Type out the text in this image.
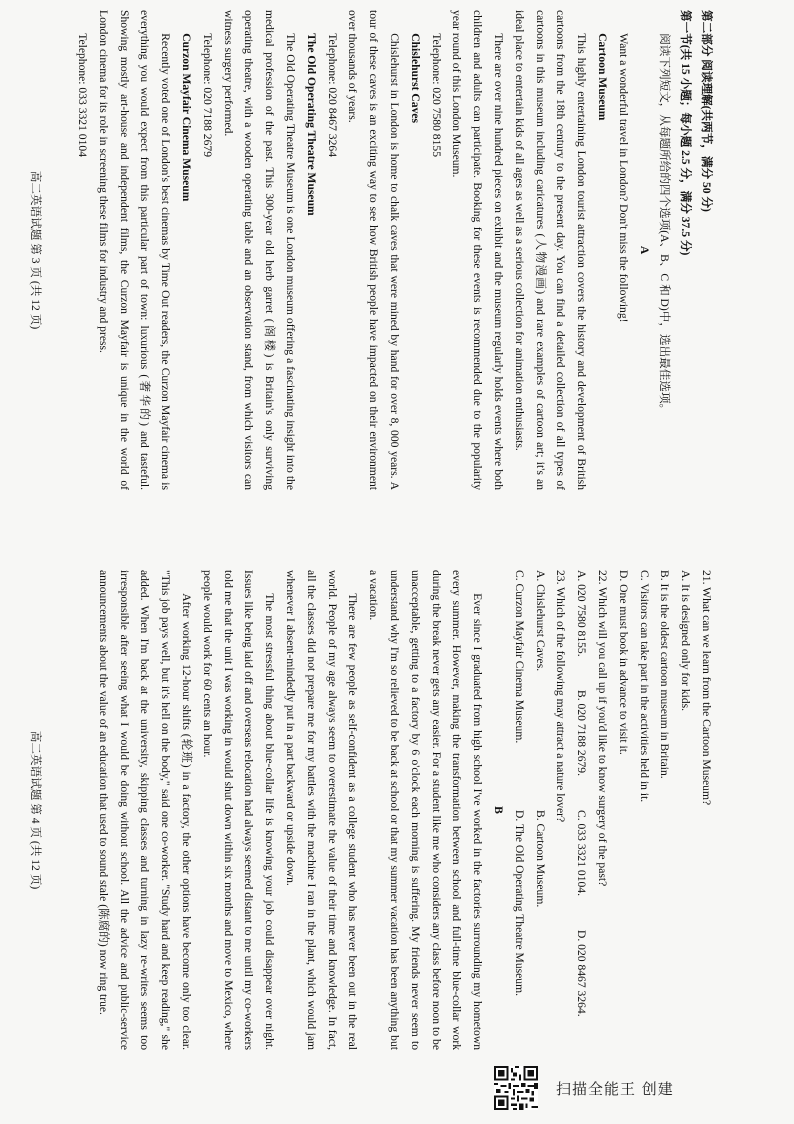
第二部分 阅读理解(共两节，满分 50 分)

第一节(共 15 小题；每小题 2.5 分，满分 37.5 分)

阅读下列短文，从每题所给的四个选项(A、B、C 和 D)中，选出最佳选项。

A

Want a wonderful travel in London? Don't miss the following!

Cartoon Museum

This highly entertaining London tourist attraction covers the history and development of British cartoons from the 18th century to the present day. You can find a detailed collection of all types of cartoons in this museum including caricatures (人物漫画) and rare examples of cartoon art; it's an ideal place to entertain kids of all ages as well as a serious collection for animation enthusiasts.

There are over nine hundred pieces on exhibit and the museum regularly holds events where both children and adults can participate. Booking for these events is recommended due to the popularity year round of this London Museum.

Telephone: 020 7580 8155

Chislehurst Caves

Chislehurst in London is home to chalk caves that were mined by hand for over 8, 000 years. A tour of these caves is an exciting way to see how British people have impacted on their environment over thousands of years.

Telephone: 020 8467 3264

The Old Operating Theatre Museum

The Old Operating Theatre Museum is one London museum offering a fascinating insight into the medical profession of the past. This 300-year old herb garret (阁楼) is Britain's only surviving operating theatre, with a wooden operating table and an observation stand, from which visitors can witness surgery performed.

Telephone: 020 7188 2679

Curzon Mayfair Cinema Museum

Recently voted one of London's best cinemas by Time Out readers, the Curzon Mayfair cinema is everything you would expect from this particular part of town: luxurious (奢华的) and tasteful. Showing mostly art-house and independent films, the Curzon Mayfair is unique in the world of London cinema for its role in screening these films for industry and press.

Telephone: 033 3321 0104

高二英语试题 第 3 页 (共 12 页)

21. What can we learn from the Cartoon Museum?

A. It is designed only for kids.

B. It is the oldest cartoon museum in Britain.

C. Visitors can take part in the activities held in it.

D. One must book in advance to visit it.

22. Which will you call up if you'd like to know surgery of the past?

A. 020 7580 8155.
B. 020 7188 2679.
C. 033 3321 0104.
D. 020 8467 3264.

23. Which of the following may attract a nature lover?

A. Chislehurst Caves.
B. Cartoon Museum.

C. Curzon Mayfair Cinema Museum.
D. The Old Operating Theatre Museum.

B

Ever since I graduated from high school I've worked in the factories surrounding my hometown every summer. However, making the transformation between school and full-time blue-collar work during the break never gets any easier. For a student like me who considers any class before noon to be unacceptable, getting to a factory by 6 o'clock each morning is suffering. My friends never seem to understand why I'm so relieved to be back at school or that my summer vacation has been anything but a vacation.

There are few people as self-confident as a college student who has never been out in the real world. People of my age always seem to overestimate the value of their time and knowledge. In fact, all the classes did not prepare me for my battles with the machine I ran in the plant, which would jam whenever I absent-mindedly put in a part backward or upside down.

The most stressful thing about blue-collar life is knowing your job could disappear over night. Issues like being laid off and overseas relocation had always seemed distant to me until my co-workers told me that the unit I was working in would shut down within six months and move to Mexico, where people would work for 60 cents an hour.

After working 12-hour shifts (轮班) in a factory, the other options have become only too clear. "This job pays well, but it's hell on the body," said one co-worker. "Study hard and keep reading," she added. When I'm back at the university, skipping classes and turning in lazy re-writes seems too irresponsible after seeing what I would be doing without school. All the advice and public-service announcements about the value of an education that used to sound stale (陈腐的) now ring true.

高二英语试题 第 4 页 (共 12 页)
扫描全能王 创建
